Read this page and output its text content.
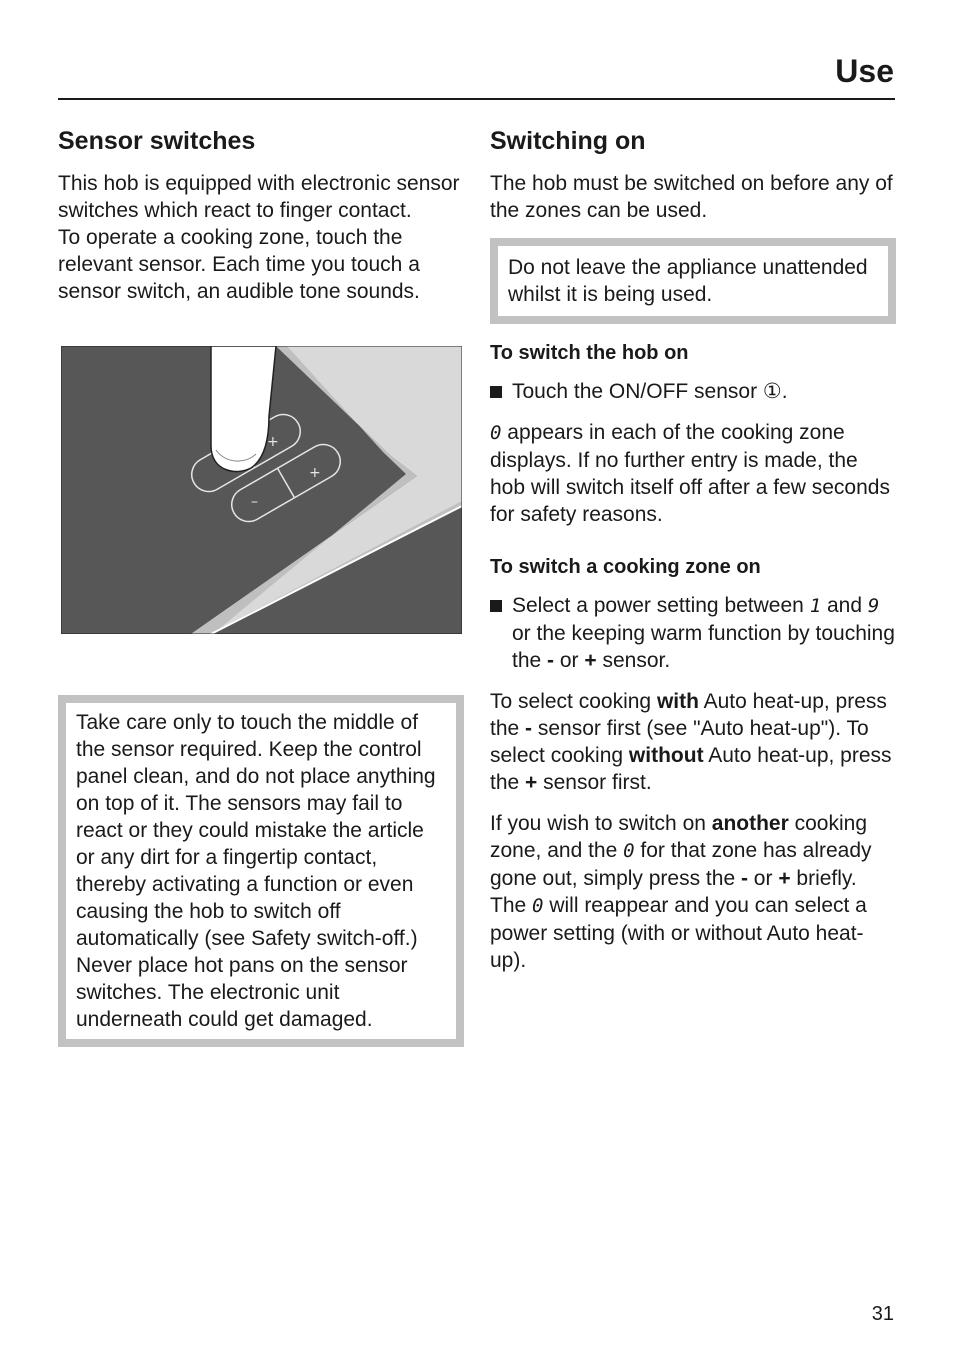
Use
Sensor switches

This hob is equipped with electronic sensor switches which react to finger contact.

To operate a cooking zone, touch the relevant sensor. Each time you touch a sensor switch, an audible tone sounds.

+
+
–

Take care only to touch the middle of the sensor required. Keep the control panel clean, and do not place anything on top of it. The sensors may fail to react or they could mistake the article or any dirt for a fingertip contact, thereby activating a function or even causing the hob to switch off automatically (see Safety switch-off.)

Never place hot pans on the sensor switches. The electronic unit underneath could get damaged.

Switching on

The hob must be switched on before any of the zones can be used.

Do not leave the appliance unattended whilst it is being used.

To switch the hob on

Touch the ON/OFF sensor ①.

0 appears in each of the cooking zone displays. If no further entry is made, the hob will switch itself off after a few seconds for safety reasons.

To switch a cooking zone on

Select a power setting between 1 and 9 or the keeping warm function by touching the - or + sensor.

To select cooking with Auto heat-up, press the - sensor first (see "Auto heat-up"). To select cooking without Auto heat-up, press the + sensor first.

If you wish to switch on another cooking zone, and the 0 for that zone has already gone out, simply press the - or + briefly. The 0 will reappear and you can select a power setting (with or without Auto heat-up).

31
